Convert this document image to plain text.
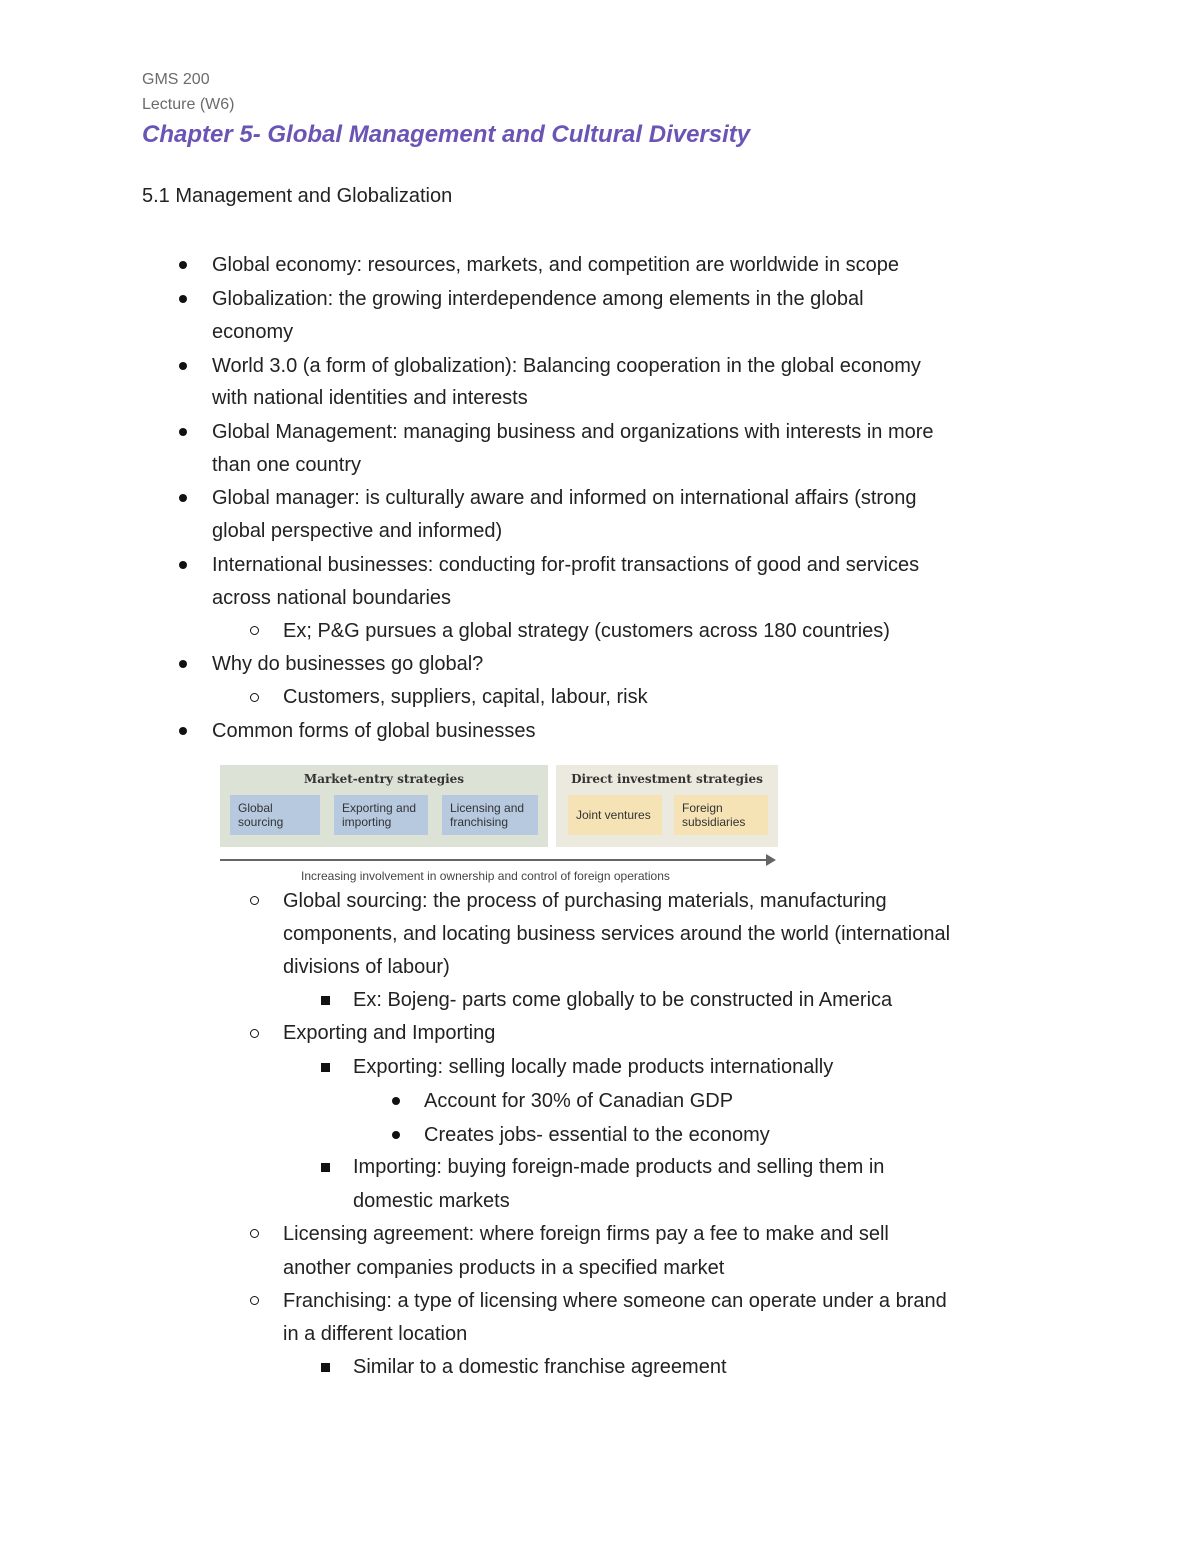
GMS 200
Lecture (W6)
Chapter 5- Global Management and Cultural Diversity
5.1 Management and Globalization
Global economy: resources, markets, and competition are worldwide in scope
Globalization: the growing interdependence among elements in the global
economy
World 3.0 (a form of globalization): Balancing cooperation in the global economy
with national identities and interests
Global Management: managing business and organizations with interests in more
than one country
Global manager: is culturally aware and informed on international affairs (strong
global perspective and informed)
International businesses: conducting for-profit transactions of good and services
across national boundaries
Ex; P&G pursues a global strategy (customers across 180 countries)
Why do businesses go global?
Customers, suppliers, capital, labour, risk
Common forms of global businesses
Market-entry strategies
Global
sourcing
Exporting and
importing
Licensing and
franchising
Direct investment strategies
Joint ventures	Foreign
subsidiaries
Increasing involvement in ownership and control of foreign operations
Global sourcing: the process of purchasing materials, manufacturing
components, and locating business services around the world (international
divisions of labour)
Ex: Bojeng- parts come globally to be constructed in America
Exporting and Importing
Exporting: selling locally made products internationally
Account for 30% of Canadian GDP
Creates jobs- essential to the economy
Importing: buying foreign-made products and selling them in
domestic markets
Licensing agreement: where foreign firms pay a fee to make and sell
another companies products in a specified market
Franchising: a type of licensing where someone can operate under a brand
in a different location
Similar to a domestic franchise agreement
